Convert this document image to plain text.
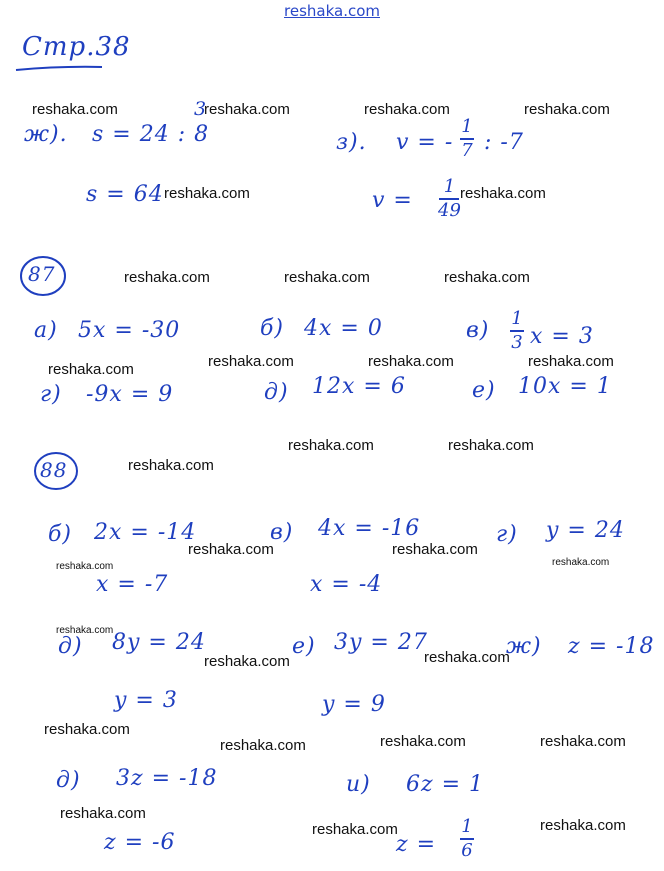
reshaka.com
Стр.38
ж). s = 24 : 8
3
s = 64
з). v = -
1
7 : -7
v =
1
49
87
а) 5x = -30	б) 4x = 0	в) 1
3 x = 3
г) -9x = 9	д) 12x = 6	е) 10x = 1
88
б) 2x = -14
x = -7
в) 4x = -16
x = -4
г) y = 24
д) 8y = 24
y = 3
е) 3y = 27
y = 9
ж) z = -18
д) 3z = -18
z = -6
и) 6z = 1
z =
1
6
reshaka.com	reshaka.com	reshaka.com	reshaka.com
reshaka.com	reshaka.com
reshaka.com	reshaka.com	reshaka.com
reshaka.com	reshaka.com	reshaka.com	reshaka.com
reshaka.com	reshaka.com
reshaka.com
reshaka.com	reshaka.com
reshaka.com	reshaka.com
reshaka.com
reshaka.com	reshaka.com
reshaka.com
reshaka.com	reshaka.com	reshaka.com
reshaka.com
reshaka.com	reshaka.com
